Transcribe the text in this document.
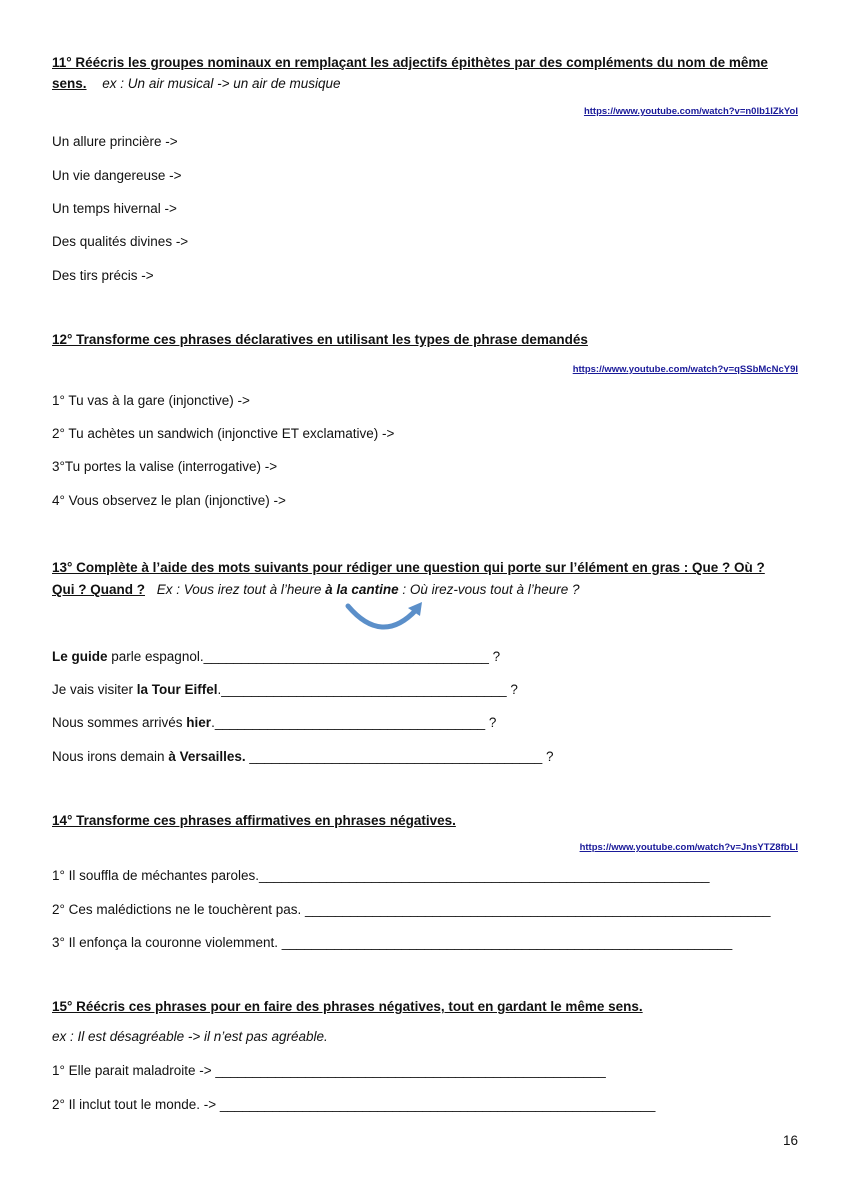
11° Réécris les groupes nominaux en remplaçant les adjectifs épithètes par des compléments du nom de même
sens. ex : Un air musical -> un air de musique
https://www.youtube.com/watch?v=n0lb1IZkYoI
Un allure princière ->
Un vie dangereuse ->
Un temps hivernal ->
Des qualités divines ->
Des tirs précis ->
12° Transforme ces phrases déclaratives en utilisant les types de phrase demandés
https://www.youtube.com/watch?v=qSSbMcNcY9I
1° Tu vas à la gare (injonctive) ->
2° Tu achètes un sandwich (injonctive ET exclamative) ->
3°Tu portes la valise (interrogative) ->
4° Vous observez le plan (injonctive) ->
13° Complète à l’aide des mots suivants pour rédiger une question qui porte sur l’élément en gras : Que ? Où ?
Qui ? Quand ? Ex : Vous irez tout à l’heure à la cantine : Où irez-vous tout à l’heure ?
Le guide parle espagnol.______________________________________ ?
Je vais visiter la Tour Eiffel.______________________________________ ?
Nous sommes arrivés hier.____________________________________ ?
Nous irons demain à Versailles. _______________________________________ ?
14° Transforme ces phrases affirmatives en phrases négatives.
https://www.youtube.com/watch?v=JnsYTZ8fbLI
1° Il souffla de méchantes paroles.____________________________________________________________
2° Ces malédictions ne le touchèrent pas. ______________________________________________________________
3° Il enfonça la couronne violemment. ____________________________________________________________
15° Réécris ces phrases pour en faire des phrases négatives, tout en gardant le même sens.
ex : Il est désagréable -> il n’est pas agréable.
1° Elle parait maladroite -> ____________________________________________________
2° Il inclut tout le monde. -> __________________________________________________________
16
